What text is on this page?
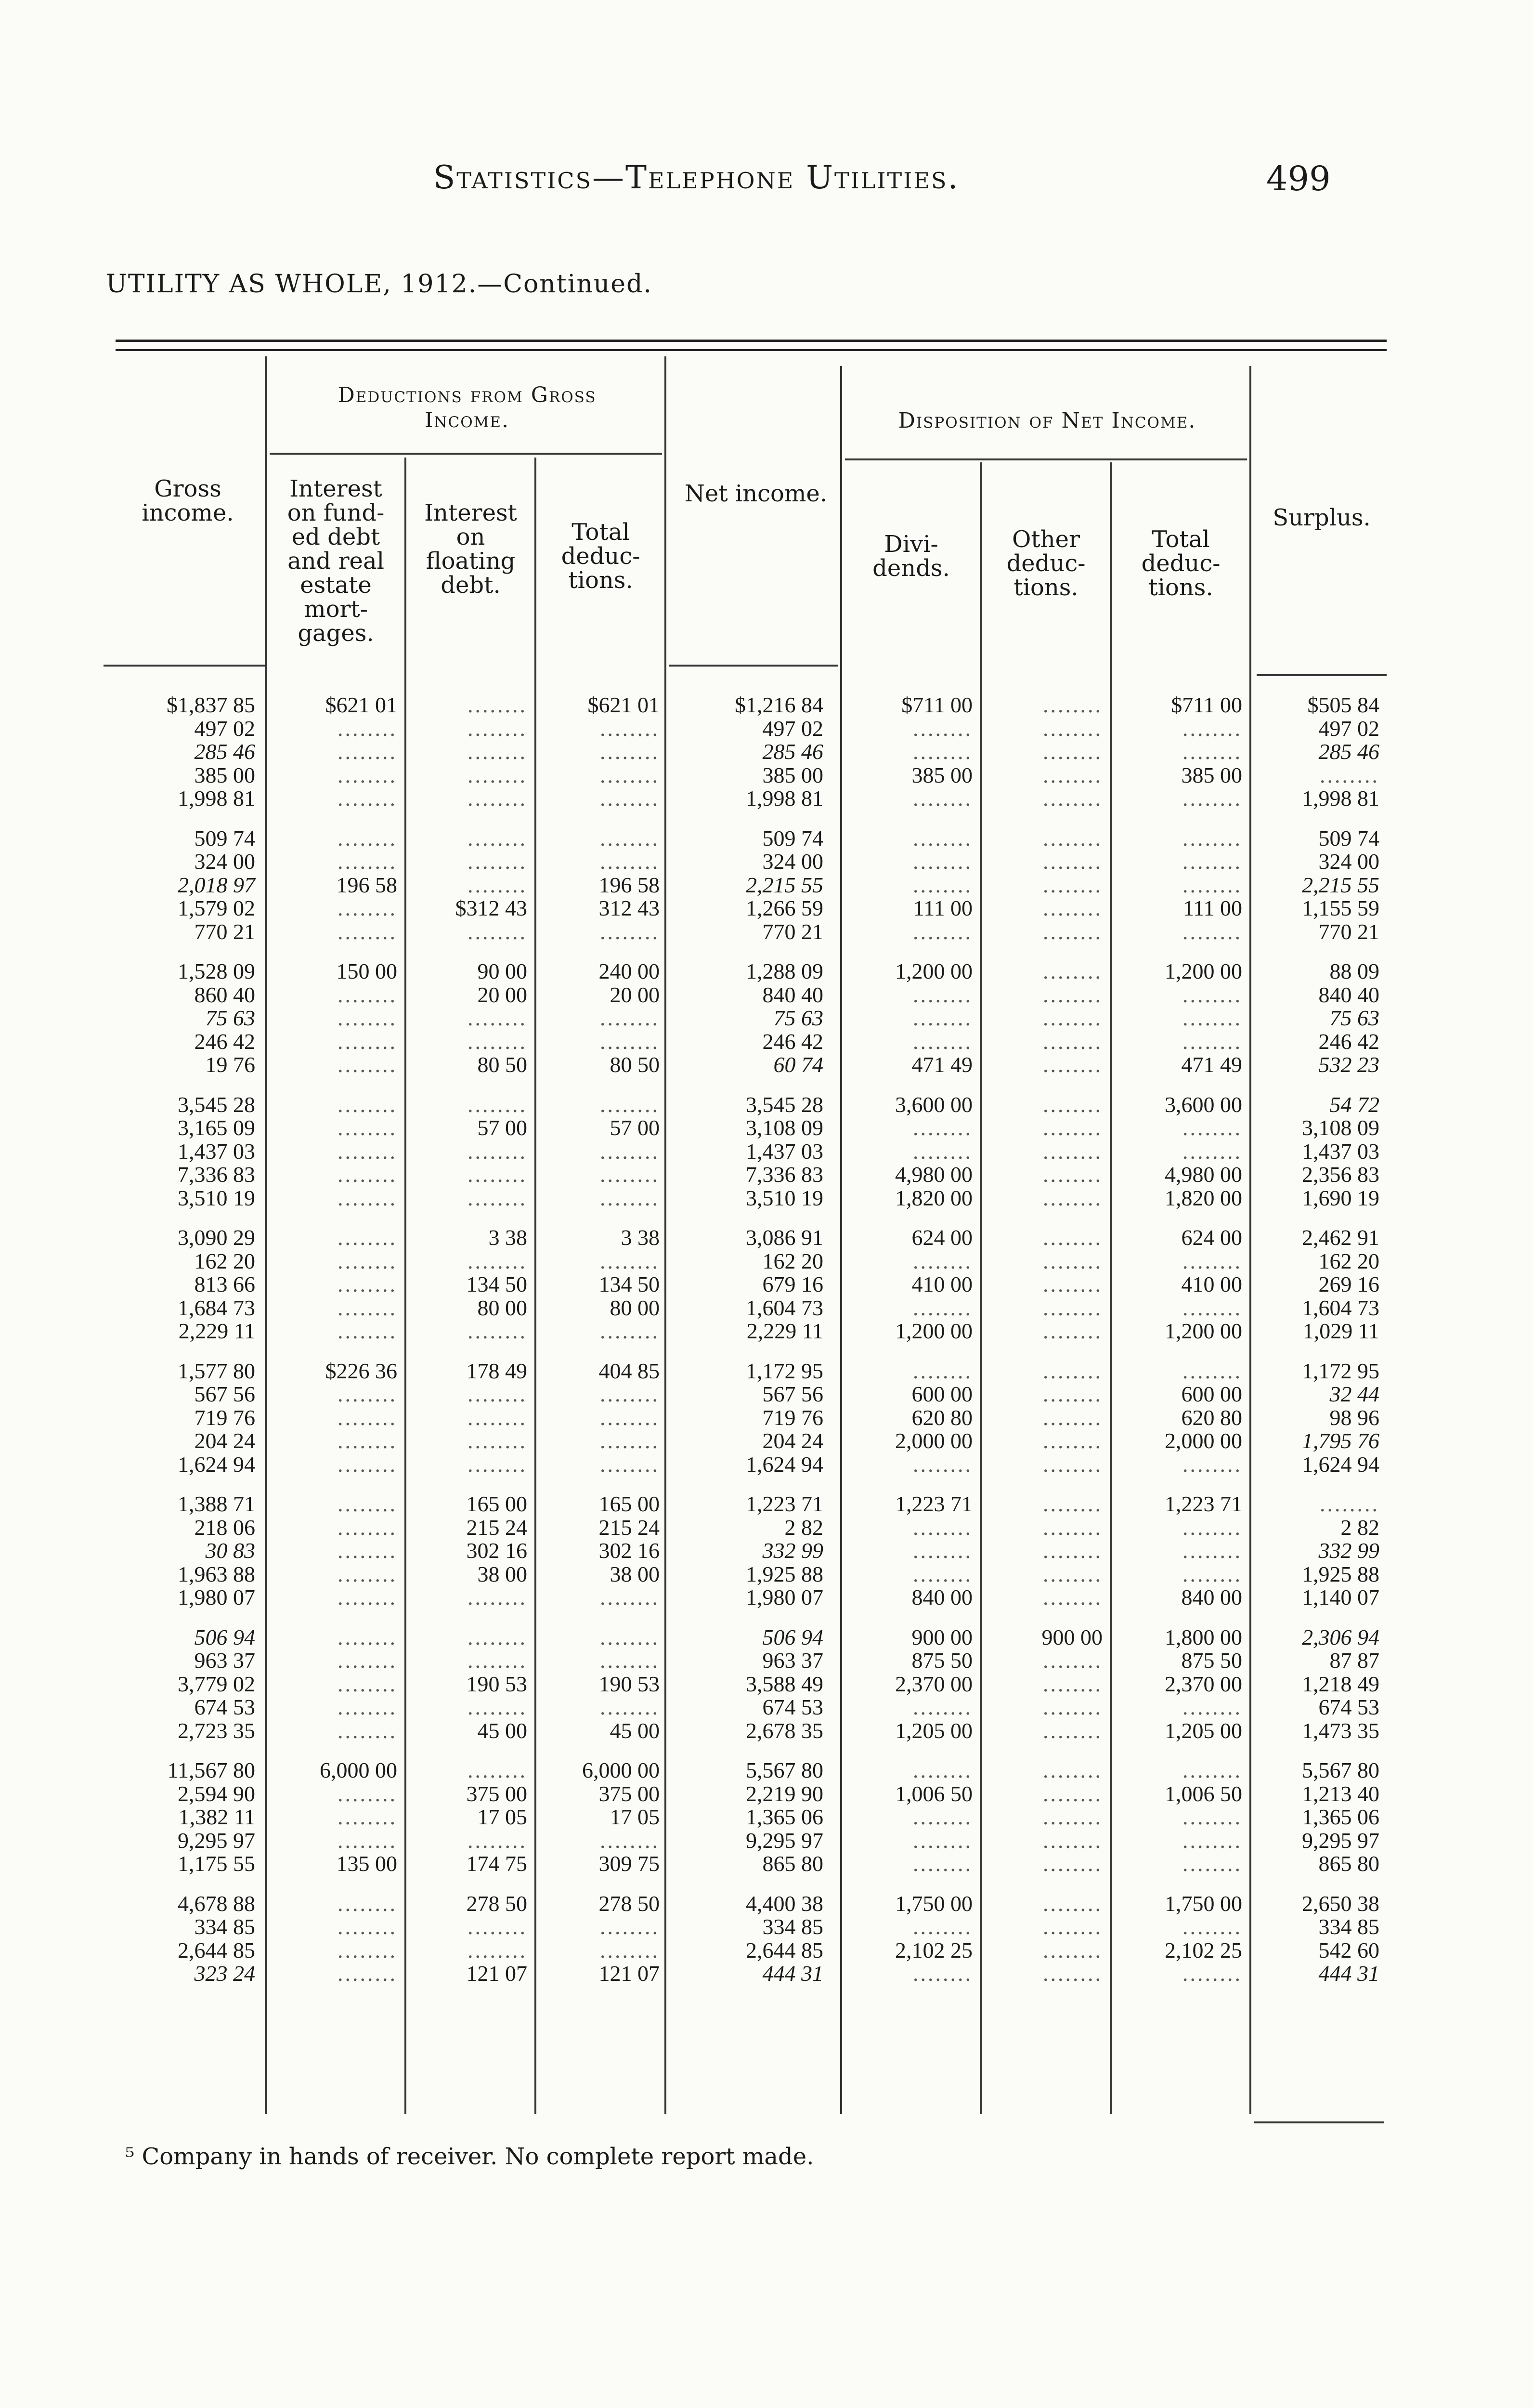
Statistics—Telephone Utilities.	499
UTILITY AS WHOLE, 1912.—Continued.
Deductions from Gross Income.	Disposition of Net Income.
Gross income.
Interest on fund- ed debt and real estate mort- gages.
Interest on floating debt.
Total deduc- tions.
Net income.
Divi- dends.
Other deduc- tions.
Total deduc- tions.
Surplus.
$1,837 85
497 02
285 46
385 00
1,998 81
509 74
324 00
2,018 97
1,579 02
770 21
1,528 09
860 40
75 63
246 42
19 76
3,545 28
3,165 09
1,437 03
7,336 83
3,510 19
3,090 29
162 20
813 66
1,684 73
2,229 11
1,577 80
567 56
719 76
204 24
1,624 94
1,388 71
218 06
30 83
1,963 88
1,980 07
506 94
963 37
3,779 02
674 53
2,723 35
11,567 80
2,594 90
1,382 11
9,295 97
1,175 55
4,678 88
334 85
2,644 85
323 24
$621 01
........
........
........
........
........
........
196 58
........
........
150 00
........
........
........
........
........
........
........
........
........
........
........
........
........
........
$226 36
........
........
........
........
........
........
........
........
........
........
........
........
........
........
6,000 00
........
........
........
135 00
........
........
........
........
........
........
........
........
........
........
........
........
$312 43
........
90 00
20 00
........
........
80 50
........
57 00
........
........
........
3 38
........
134 50
80 00
........
178 49
........
........
........
........
165 00
215 24
302 16
38 00
........
........
........
190 53
........
45 00
........
375 00
17 05
........
174 75
278 50
........
........
121 07
$621 01
........
........
........
........
........
........
196 58
312 43
........
240 00
20 00
........
........
80 50
........
57 00
........
........
........
3 38
........
134 50
80 00
........
404 85
........
........
........
........
165 00
215 24
302 16
38 00
........
........
........
190 53
........
45 00
6,000 00
375 00
17 05
........
309 75
278 50
........
........
121 07
$1,216 84
497 02
285 46
385 00
1,998 81
509 74
324 00
2,215 55
1,266 59
770 21
1,288 09
840 40
75 63
246 42
60 74
3,545 28
3,108 09
1,437 03
7,336 83
3,510 19
3,086 91
162 20
679 16
1,604 73
2,229 11
1,172 95
567 56
719 76
204 24
1,624 94
1,223 71
2 82
332 99
1,925 88
1,980 07
506 94
963 37
3,588 49
674 53
2,678 35
5,567 80
2,219 90
1,365 06
9,295 97
865 80
4,400 38
334 85
2,644 85
444 31
$711 00
........
........
385 00
........
........
........
........
111 00
........
1,200 00
........
........
........
471 49
3,600 00
........
........
4,980 00
1,820 00
624 00
........
410 00
........
1,200 00
........
600 00
620 80
2,000 00
........
1,223 71
........
........
........
840 00
900 00
875 50
2,370 00
........
1,205 00
........
1,006 50
........
........
........
1,750 00
........
2,102 25
........
........
........
........
........
........
........
........
........
........
........
........
........
........
........
........
........
........
........
........
........
........
........
........
........
........
........
........
........
........
........
........
........
........
........
........
900 00
........
........
........
........
........
........
........
........
........
........
........
........
........
$711 00
........
........
385 00
........
........
........
........
111 00
........
1,200 00
........
........
........
471 49
3,600 00
........
........
4,980 00
1,820 00
624 00
........
410 00
........
1,200 00
........
600 00
620 80
2,000 00
........
1,223 71
........
........
........
840 00
1,800 00
875 50
2,370 00
........
1,205 00
........
1,006 50
........
........
........
1,750 00
........
2,102 25
........
$505 84
497 02
285 46
........
1,998 81
509 74
324 00
2,215 55
1,155 59
770 21
88 09
840 40
75 63
246 42
532 23
54 72
3,108 09
1,437 03
2,356 83
1,690 19
2,462 91
162 20
269 16
1,604 73
1,029 11
1,172 95
32 44
98 96
1,795 76
1,624 94
........
2 82
332 99
1,925 88
1,140 07
2,306 94
87 87
1,218 49
674 53
1,473 35
5,567 80
1,213 40
1,365 06
9,295 97
865 80
2,650 38
334 85
542 60
444 31
⁵ Company in hands of receiver. No complete report made.
